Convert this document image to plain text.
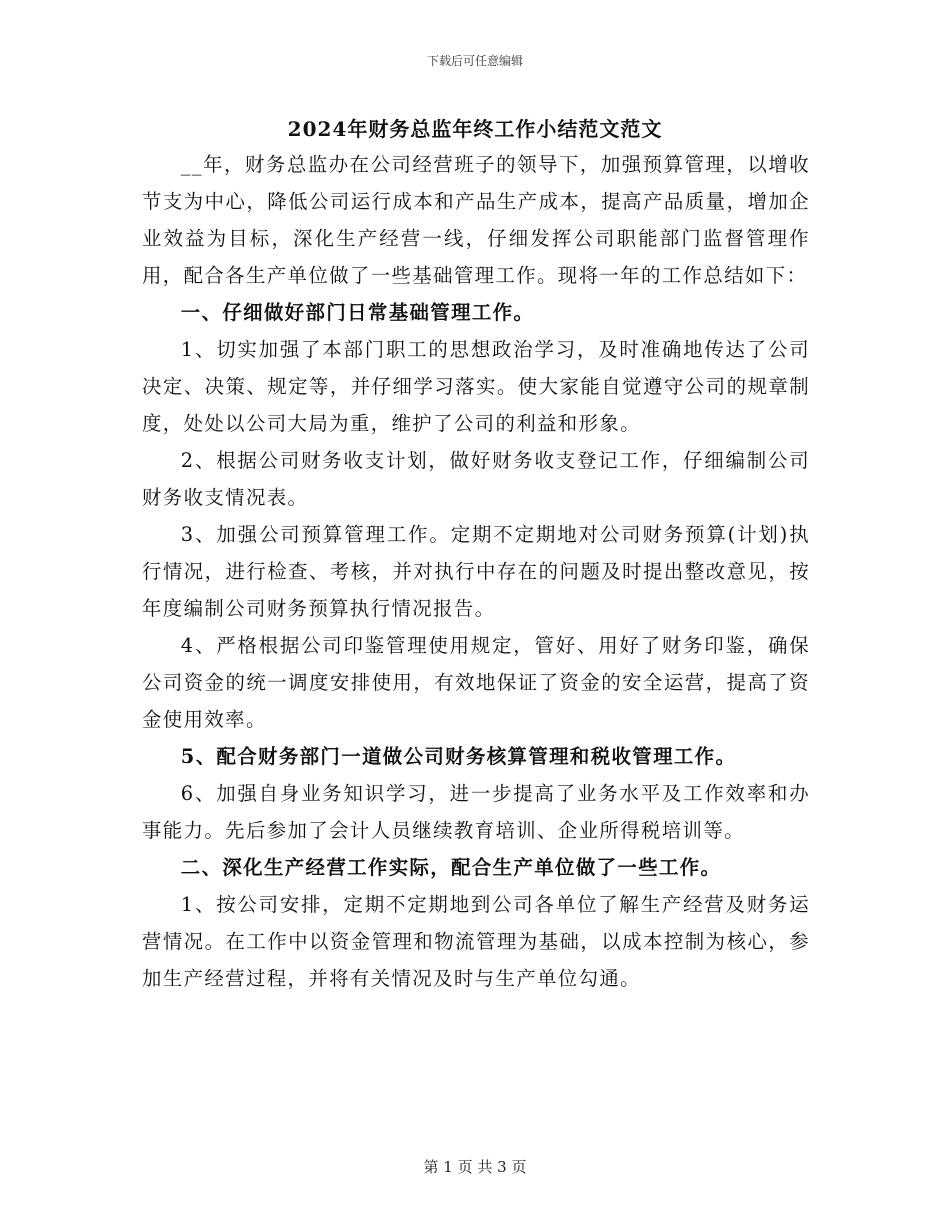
下载后可任意编辑
2024年财务总监年终工作小结范文范文

__年，财务总监办在公司经营班子的领导下，加强预算管理，以增收节支为中心，降低公司运行成本和产品生产成本，提高产品质量，增加企业效益为目标，深化生产经营一线，仔细发挥公司职能部门监督管理作用，配合各生产单位做了一些基础管理工作。现将一年的工作总结如下：

一、仔细做好部门日常基础管理工作。

1、切实加强了本部门职工的思想政治学习，及时准确地传达了公司决定、决策、规定等，并仔细学习落实。使大家能自觉遵守公司的规章制度，处处以公司大局为重，维护了公司的利益和形象。

2、根据公司财务收支计划，做好财务收支登记工作，仔细编制公司财务收支情况表。

3、加强公司预算管理工作。定期不定期地对公司财务预算(计划)执行情况，进行检查、考核，并对执行中存在的问题及时提出整改意见，按年度编制公司财务预算执行情况报告。

4、严格根据公司印鉴管理使用规定，管好、用好了财务印鉴，确保公司资金的统一调度安排使用，有效地保证了资金的安全运营，提高了资金使用效率。

5、配合财务部门一道做公司财务核算管理和税收管理工作。

6、加强自身业务知识学习，进一步提高了业务水平及工作效率和办事能力。先后参加了会计人员继续教育培训、企业所得税培训等。

二、深化生产经营工作实际，配合生产单位做了一些工作。

1、按公司安排，定期不定期地到公司各单位了解生产经营及财务运营情况。在工作中以资金管理和物流管理为基础，以成本控制为核心，参加生产经营过程，并将有关情况及时与生产单位勾通。

第 1 页 共 3 页
